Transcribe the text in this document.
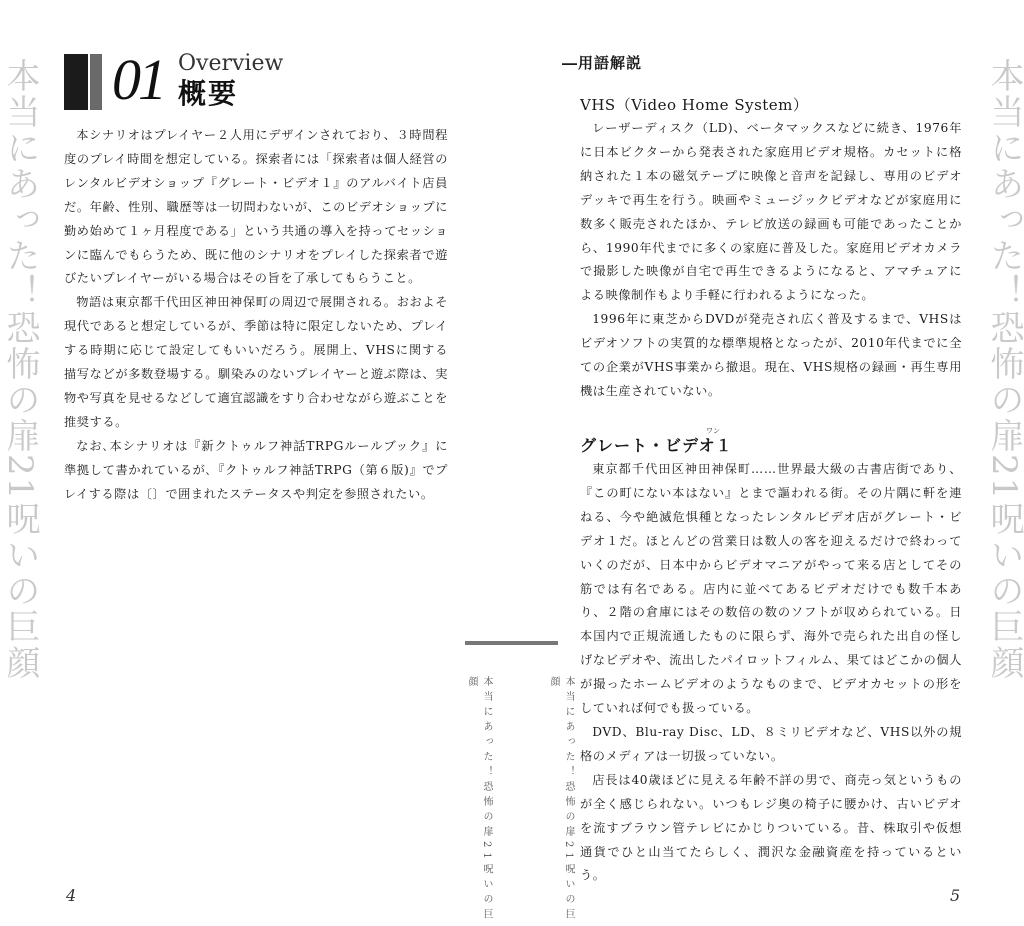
本当にあった！恐怖の扉21呪いの巨顔	本当にあった！恐怖の扉21呪いの巨顔
本当にあった！恐怖の扉21呪いの巨顔	本当にあった！恐怖の扉21呪いの巨顔
01 Overview
概要

本シナリオはプレイヤー２人用にデザインされており、３時間程度のプレイ時間を想定している。探索者には「探索者は個人経営のレンタルビデオショップ『グレート・ビデオ１』のアルバイト店員だ。年齢、性別、職歴等は一切問わないが、このビデオショップに勤め始めて１ヶ月程度である」という共通の導入を持ってセッションに臨んでもらうため、既に他のシナリオをプレイした探索者で遊びたいプレイヤーがいる場合はその旨を了承してもらうこと。

物語は東京都千代田区神田神保町の周辺で展開される。おおよそ現代であると想定しているが、季節は特に限定しないため、プレイする時期に応じて設定してもいいだろう。展開上、VHSに関する描写などが多数登場する。馴染みのないプレイヤーと遊ぶ際は、実物や写真を見せるなどして適宜認識をすり合わせながら遊ぶことを推奨する。

なお､本シナリオは『新クトゥルフ神話TRPGルールブック』に準拠して書かれているが､『クトゥルフ神話TRPG（第６版)』でプレイする際は〔〕で囲まれたステータスや判定を参照されたい。

―用語解説
VHS（Video Home System）

レーザーディスク（LD)、ベータマックスなどに続き、1976年に日本ビクターから発表された家庭用ビデオ規格。カセットに格納された１本の磁気テープに映像と音声を記録し、専用のビデオデッキで再生を行う。映画やミュージックビデオなどが家庭用に数多く販売されたほか、テレビ放送の録画も可能であったことから、1990年代までに多くの家庭に普及した。家庭用ビデオカメラで撮影した映像が自宅で再生できるようになると、アマチュアによる映像制作もより手軽に行われるようになった。

1996年に東芝からDVDが発売され広く普及するまで、VHSはビデオソフトの実質的な標準規格となったが、2010年代までに全ての企業がVHS事業から撤退。現在、VHS規格の録画・再生専用機は生産されていない。

ワン
グレート・ビデオ１

東京都千代田区神田神保町……世界最大級の古書店街であり、『この町にない本はない』とまで謳われる街。その片隅に軒を連ねる、今や絶滅危惧種となったレンタルビデオ店がグレート・ビデオ１だ。ほとんどの営業日は数人の客を迎えるだけで終わっていくのだが、日本中からビデオマニアがやって来る店としてその筋では有名である。店内に並べてあるビデオだけでも数千本あり、２階の倉庫にはその数倍の数のソフトが収められている。日本国内で正規流通したものに限らず、海外で売られた出自の怪しげなビデオや、流出したパイロットフィルム、果てはどこかの個人が撮ったホームビデオのようなものまで、ビデオカセットの形をしていれば何でも扱っている。

DVD、Blu-ray Disc、LD、８ミリビデオなど、VHS以外の規格のメディアは一切扱っていない。

店長は40歳ほどに見える年齢不詳の男で、商売っ気というものが全く感じられない。いつもレジ奥の椅子に腰かけ、古いビデオを流すブラウン管テレビにかじりついている。昔、株取引や仮想通貨でひと山当てたらしく、潤沢な金融資産を持っているという。

4	5
